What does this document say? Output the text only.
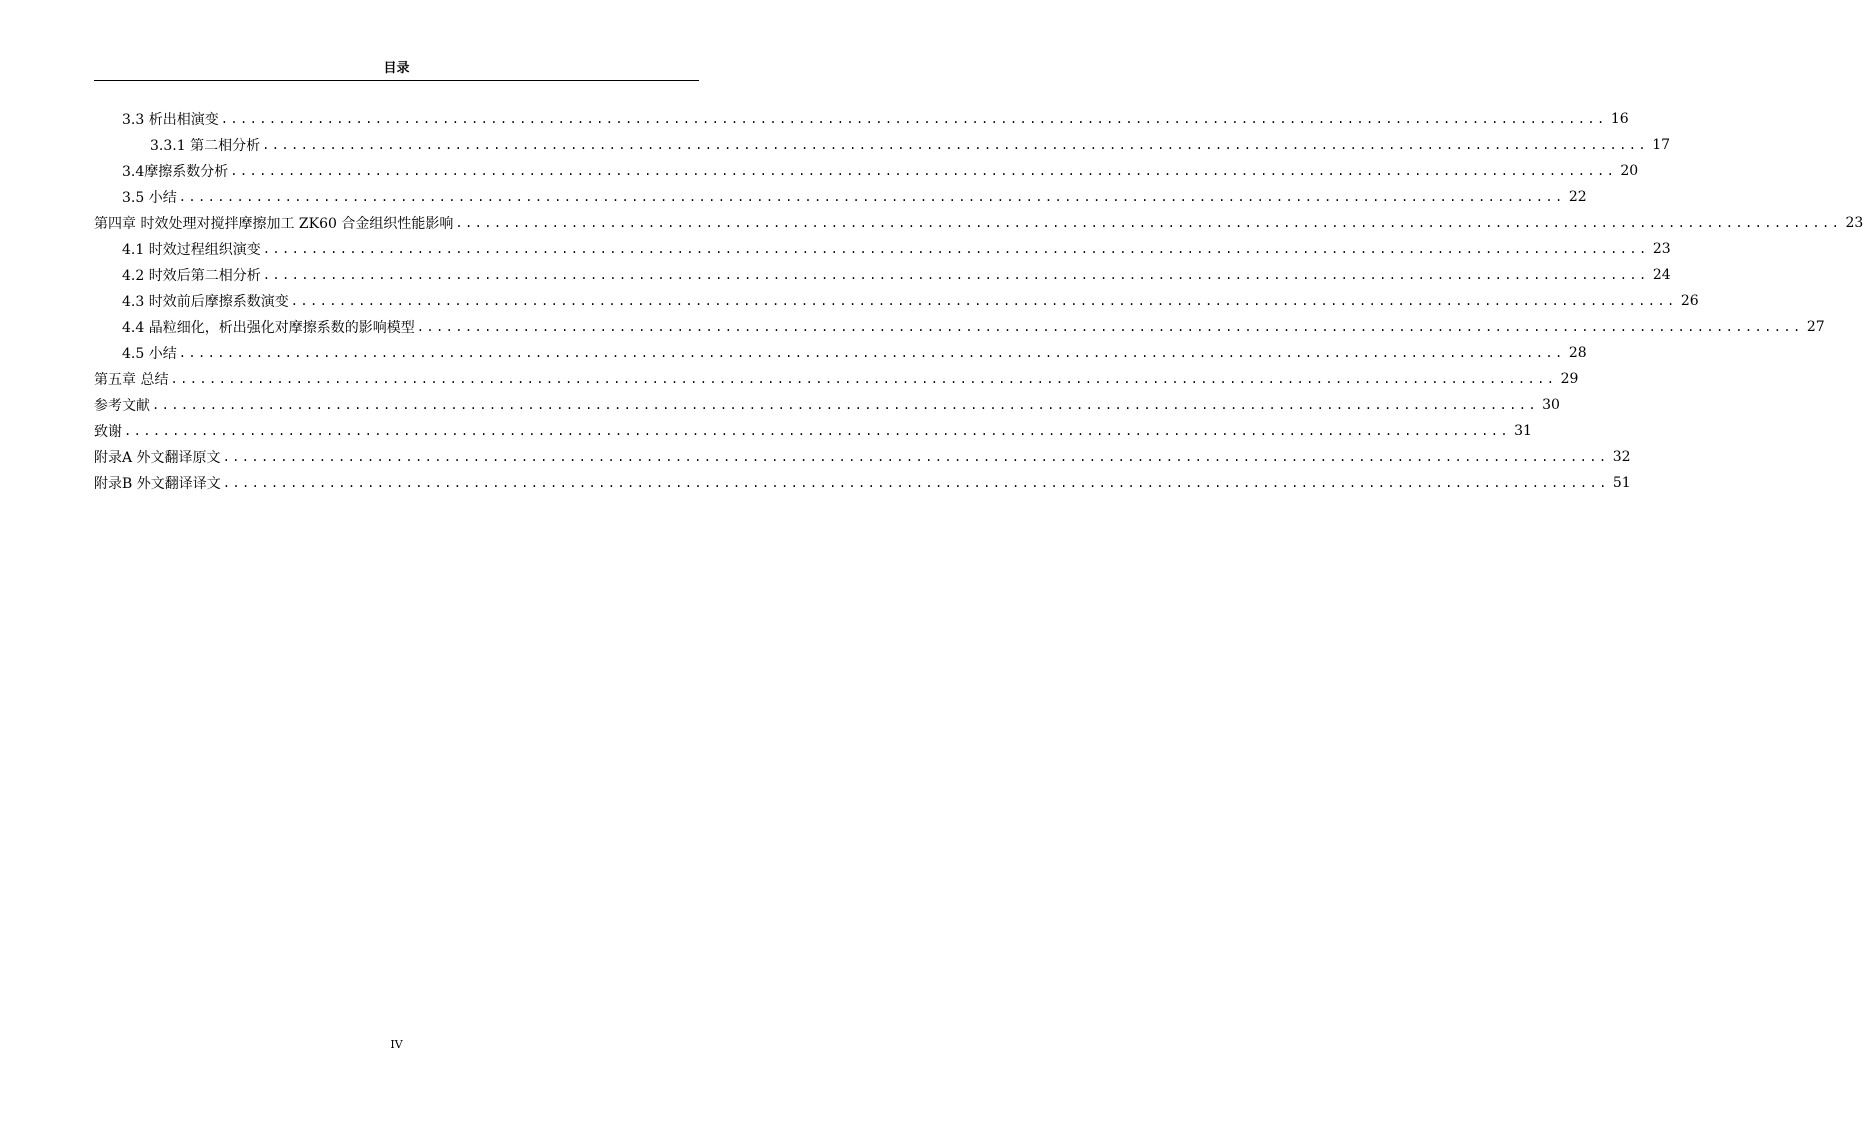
目录
3.3 析出相演变 ................................................................................................................................................ 16
3.3.1 第二相分析 ................................................................................................................................................ 17
3.4摩擦系数分析 ................................................................................................................................................ 20
3.5 小结 ................................................................................................................................................ 22
第四章 时效处理对搅拌摩擦加工 ZK60 合金组织性能影响 ................................................................................................................................................ 23
4.1 时效过程组织演变 ................................................................................................................................................ 23
4.2 时效后第二相分析 ................................................................................................................................................ 24
4.3 时效前后摩擦系数演变 ................................................................................................................................................ 26
4.4 晶粒细化，析出强化对摩擦系数的影响模型 ................................................................................................................................................ 27
4.5 小结 ................................................................................................................................................ 28
第五章 总结 ................................................................................................................................................ 29
参考文献 ................................................................................................................................................ 30
致谢 ................................................................................................................................................ 31
附录A 外文翻译原文 ................................................................................................................................................ 32
附录B 外文翻译译文 ................................................................................................................................................ 51
IV
